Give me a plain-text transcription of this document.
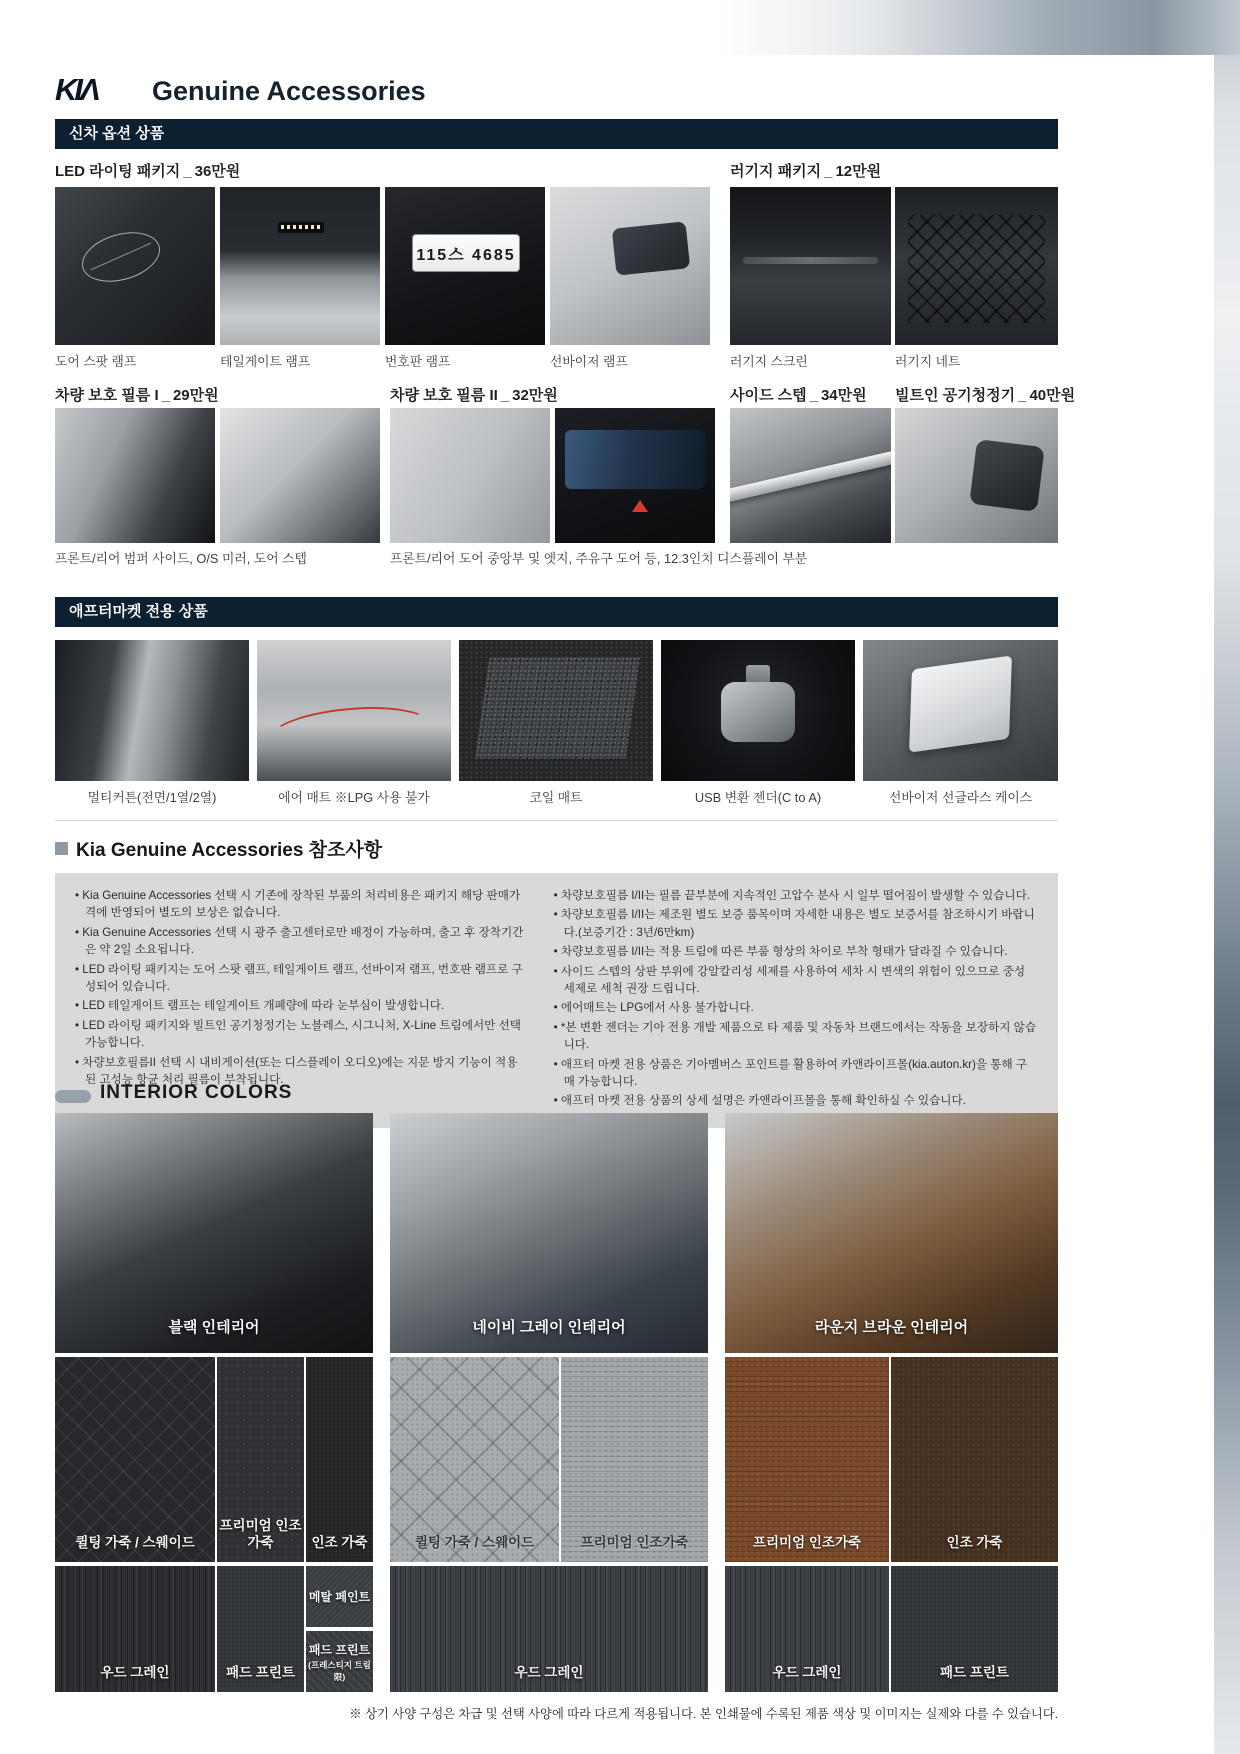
KIΛ Genuine Accessories
신차 옵션 상품
LED 라이팅 패키지 _ 36만원	러기지 패키지 _ 12만원
115스 4685
도어 스팟 램프	테일게이트 램프	번호판 램프	선바이저 램프	러기지 스크린	러기지 네트
차량 보호 필름 I _ 29만원	차량 보호 필름 II _ 32만원	사이드 스텝 _ 34만원 빌트인 공기청정기 _ 40만원
프론트/리어 범퍼 사이드, O/S 미러, 도어 스텝	프론트/리어 도어 중앙부 및 엣지, 주유구 도어 등, 12.3인치 디스플레이 부분
애프터마켓 전용 상품
멀티커튼(전면/1열/2열)	에어 매트 ※LPG 사용 불가	코일 매트	USB 변환 젠더(C to A)	선바이저 선글라스 케이스
Kia Genuine Accessories 참조사항
• Kia Genuine Accessories 선택 시 기존에 장착된 부품의 처리비용은 패키지 해당 판매가격에 반영되어 별도의 보상은 없습니다.
• Kia Genuine Accessories 선택 시 광주 출고센터로만 배정이 가능하며, 출고 후 장착기간은 약 2일 소요됩니다.
• LED 라이팅 패키지는 도어 스팟 램프, 테일게이트 램프, 선바이저 램프, 번호판 램프로 구성되어 있습니다.
• LED 테일게이트 램프는 테일게이트 개폐량에 따라 눈부심이 발생합니다.
• LED 라이팅 패키지와 빌트인 공기청정기는 노블레스, 시그니처, X-Line 트림에서만 선택 가능합니다.
• 차량보호필름II 선택 시 내비게이션(또는 디스플레이 오디오)에는 지문 방지 기능이 적용된 고성능 항균 처리 필름이 부착됩니다.
• 차량보호필름 I/II는 필름 끝부분에 지속적인 고압수 분사 시 일부 떨어짐이 발생할 수 있습니다.
• 차량보호필름 I/II는 제조원 별도 보증 품목이며 자세한 내용은 별도 보증서를 참조하시기 바랍니다.(보증기간 : 3년/6만km)
• 차량보호필름 I/II는 적용 트림에 따른 부품 형상의 차이로 부착 형태가 달라질 수 있습니다.
• 사이드 스텝의 상판 부위에 강알칼리성 세제를 사용하여 세차 시 변색의 위험이 있으므로 중성 세제로 세척 권장 드립니다.
• 에어매트는 LPG에서 사용 불가합니다.
• *본 변환 젠더는 기아 전용 개발 제품으로 타 제품 및 자동차 브랜드에서는 작동을 보장하지 않습니다.
• 애프터 마켓 전용 상품은 기아멤버스 포인트를 활용하여 카앤라이프몰(kia.auton.kr)을 통해 구매 가능합니다.
• 애프터 마켓 전용 상품의 상세 설명은 카앤라이프몰을 통해 확인하실 수 있습니다.
INTERIOR COLORS
블랙 인테리어	네이비 그레이 인테리어	라운지 브라운 인테리어
퀼팅 가죽 / 스웨이드
프리미엄 인조가죽	인조 가죽	퀼팅 가죽 / 스웨이드	프리미엄 인조가죽	프리미엄 인조가죽	인조 가죽
우드 그레인	패드 프린트
메탈 페인트
패드 프린트
(프레스티지 트림限)	우드 그레인	우드 그레인	패드 프린트
※ 상기 사양 구성은 차급 및 선택 사양에 따라 다르게 적용됩니다. 본 인쇄물에 수록된 제품 색상 및 이미지는 실제와 다를 수 있습니다.
